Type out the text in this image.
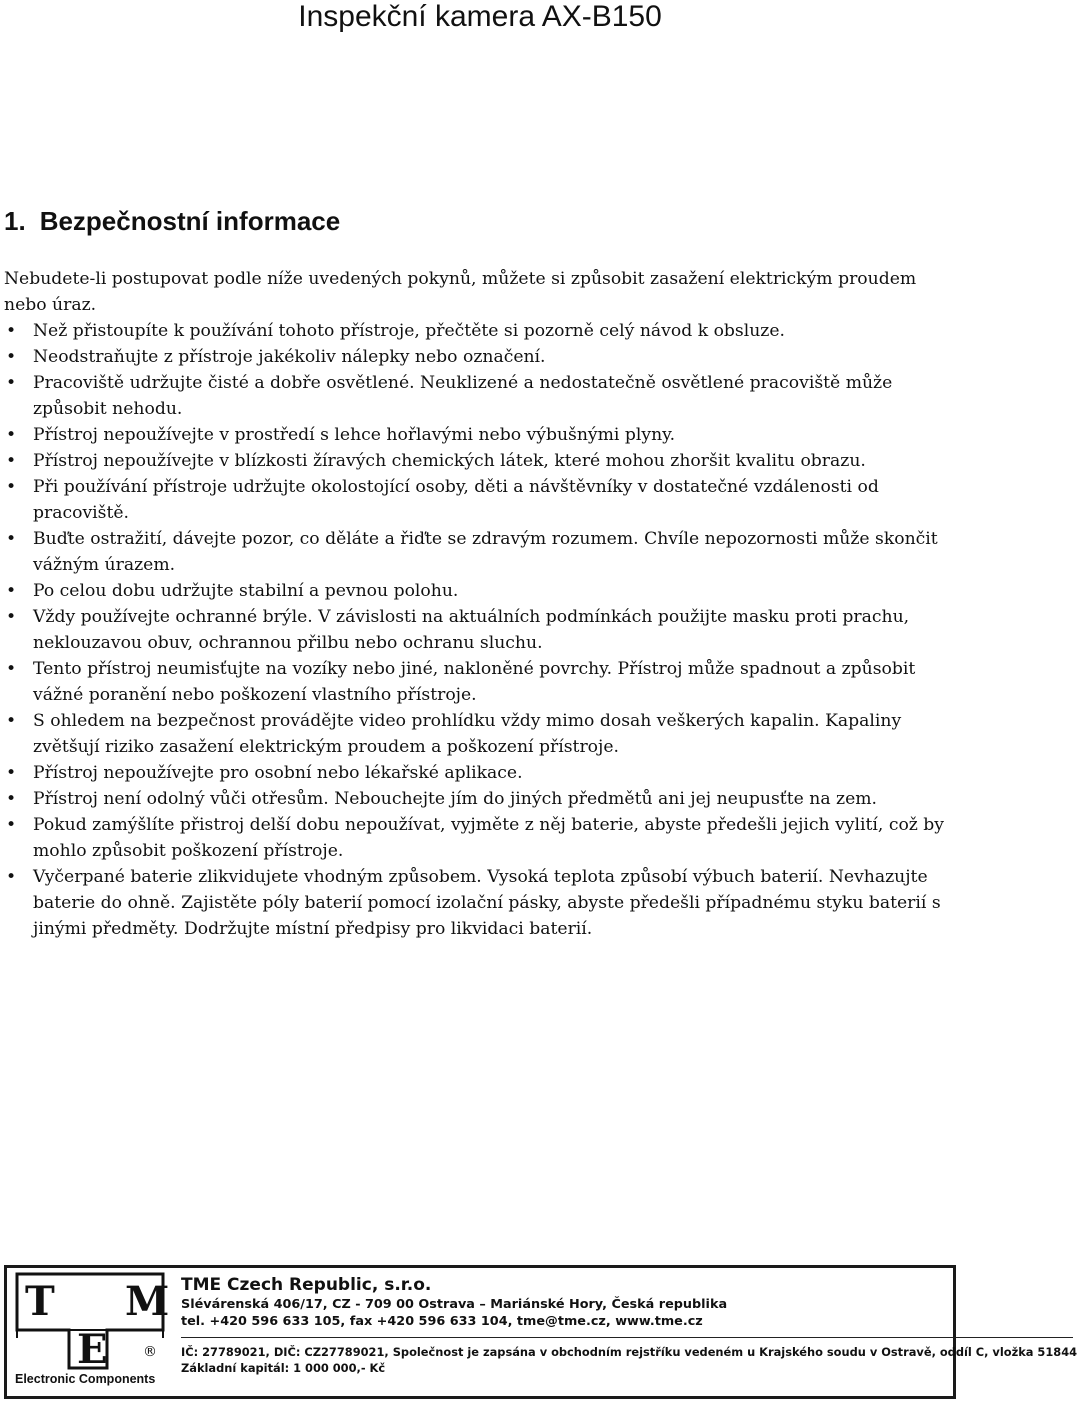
Inspekční kamera AX-B150
1. Bezpečnostní informace

Nebudete-li postupovat podle níže uvedených pokynů, můžete si způsobit zasažení elektrickým proudem nebo úraz.

• Než přistoupíte k používání tohoto přístroje, přečtěte si pozorně celý návod k obsluze.
• Neodstraňujte z přístroje jakékoliv nálepky nebo označení.
• Pracoviště udržujte čisté a dobře osvětlené. Neuklizené a nedostatečně osvětlené pracoviště může způsobit nehodu.
• Přístroj nepoužívejte v prostředí s lehce hořlavými nebo výbušnými plyny.
• Přístroj nepoužívejte v blízkosti žíravých chemických látek, které mohou zhoršit kvalitu obrazu.
• Při používání přístroje udržujte okolostojící osoby, děti a návštěvníky v dostatečné vzdálenosti od pracoviště.
• Buďte ostražití, dávejte pozor, co děláte a řiďte se zdravým rozumem. Chvíle nepozornosti může skončit vážným úrazem.
• Po celou dobu udržujte stabilní a pevnou polohu.
• Vždy používejte ochranné brýle. V závislosti na aktuálních podmínkách použijte masku proti prachu, neklouzavou obuv, ochrannou přilbu nebo ochranu sluchu.
• Tento přístroj neumisťujte na vozíky nebo jiné, nakloněné povrchy. Přístroj může spadnout a způsobit vážné poranění nebo poškození vlastního přístroje.
• S ohledem na bezpečnost provádějte video prohlídku vždy mimo dosah veškerých kapalin. Kapaliny zvětšují riziko zasažení elektrickým proudem a poškození přístroje.
• Přístroj nepoužívejte pro osobní nebo lékařské aplikace.
• Přístroj není odolný vůči otřesům. Nebouchejte jím do jiných předmětů ani jej neupusťte na zem.
• Pokud zamýšlíte přistroj delší dobu nepoužívat, vyjměte z něj baterie, abyste předešli jejich vylití, což by mohlo způsobit poškození přístroje.
• Vyčerpané baterie zlikvidujete vhodným způsobem. Vysoká teplota způsobí výbuch baterií. Nevhazujte baterie do ohně. Zajistěte póly baterií pomocí izolační pásky, abyste předešli případnému styku baterií s jinými předměty. Dodržujte místní předpisy pro likvidaci baterií.
T M
E	®
Electronic Components
TME Czech Republic, s.r.o.
Slévárenská 406/17, CZ - 709 00 Ostrava – Mariánské Hory, Česká republika
tel. +420 596 633 105, fax +420 596 633 104, tme@tme.cz, www.tme.cz
IČ: 27789021, DIČ: CZ27789021, Společnost je zapsána v obchodním rejstříku vedeném u Krajského soudu v Ostravě, oddíl C, vložka 51844
Základní kapitál: 1 000 000,- Kč
